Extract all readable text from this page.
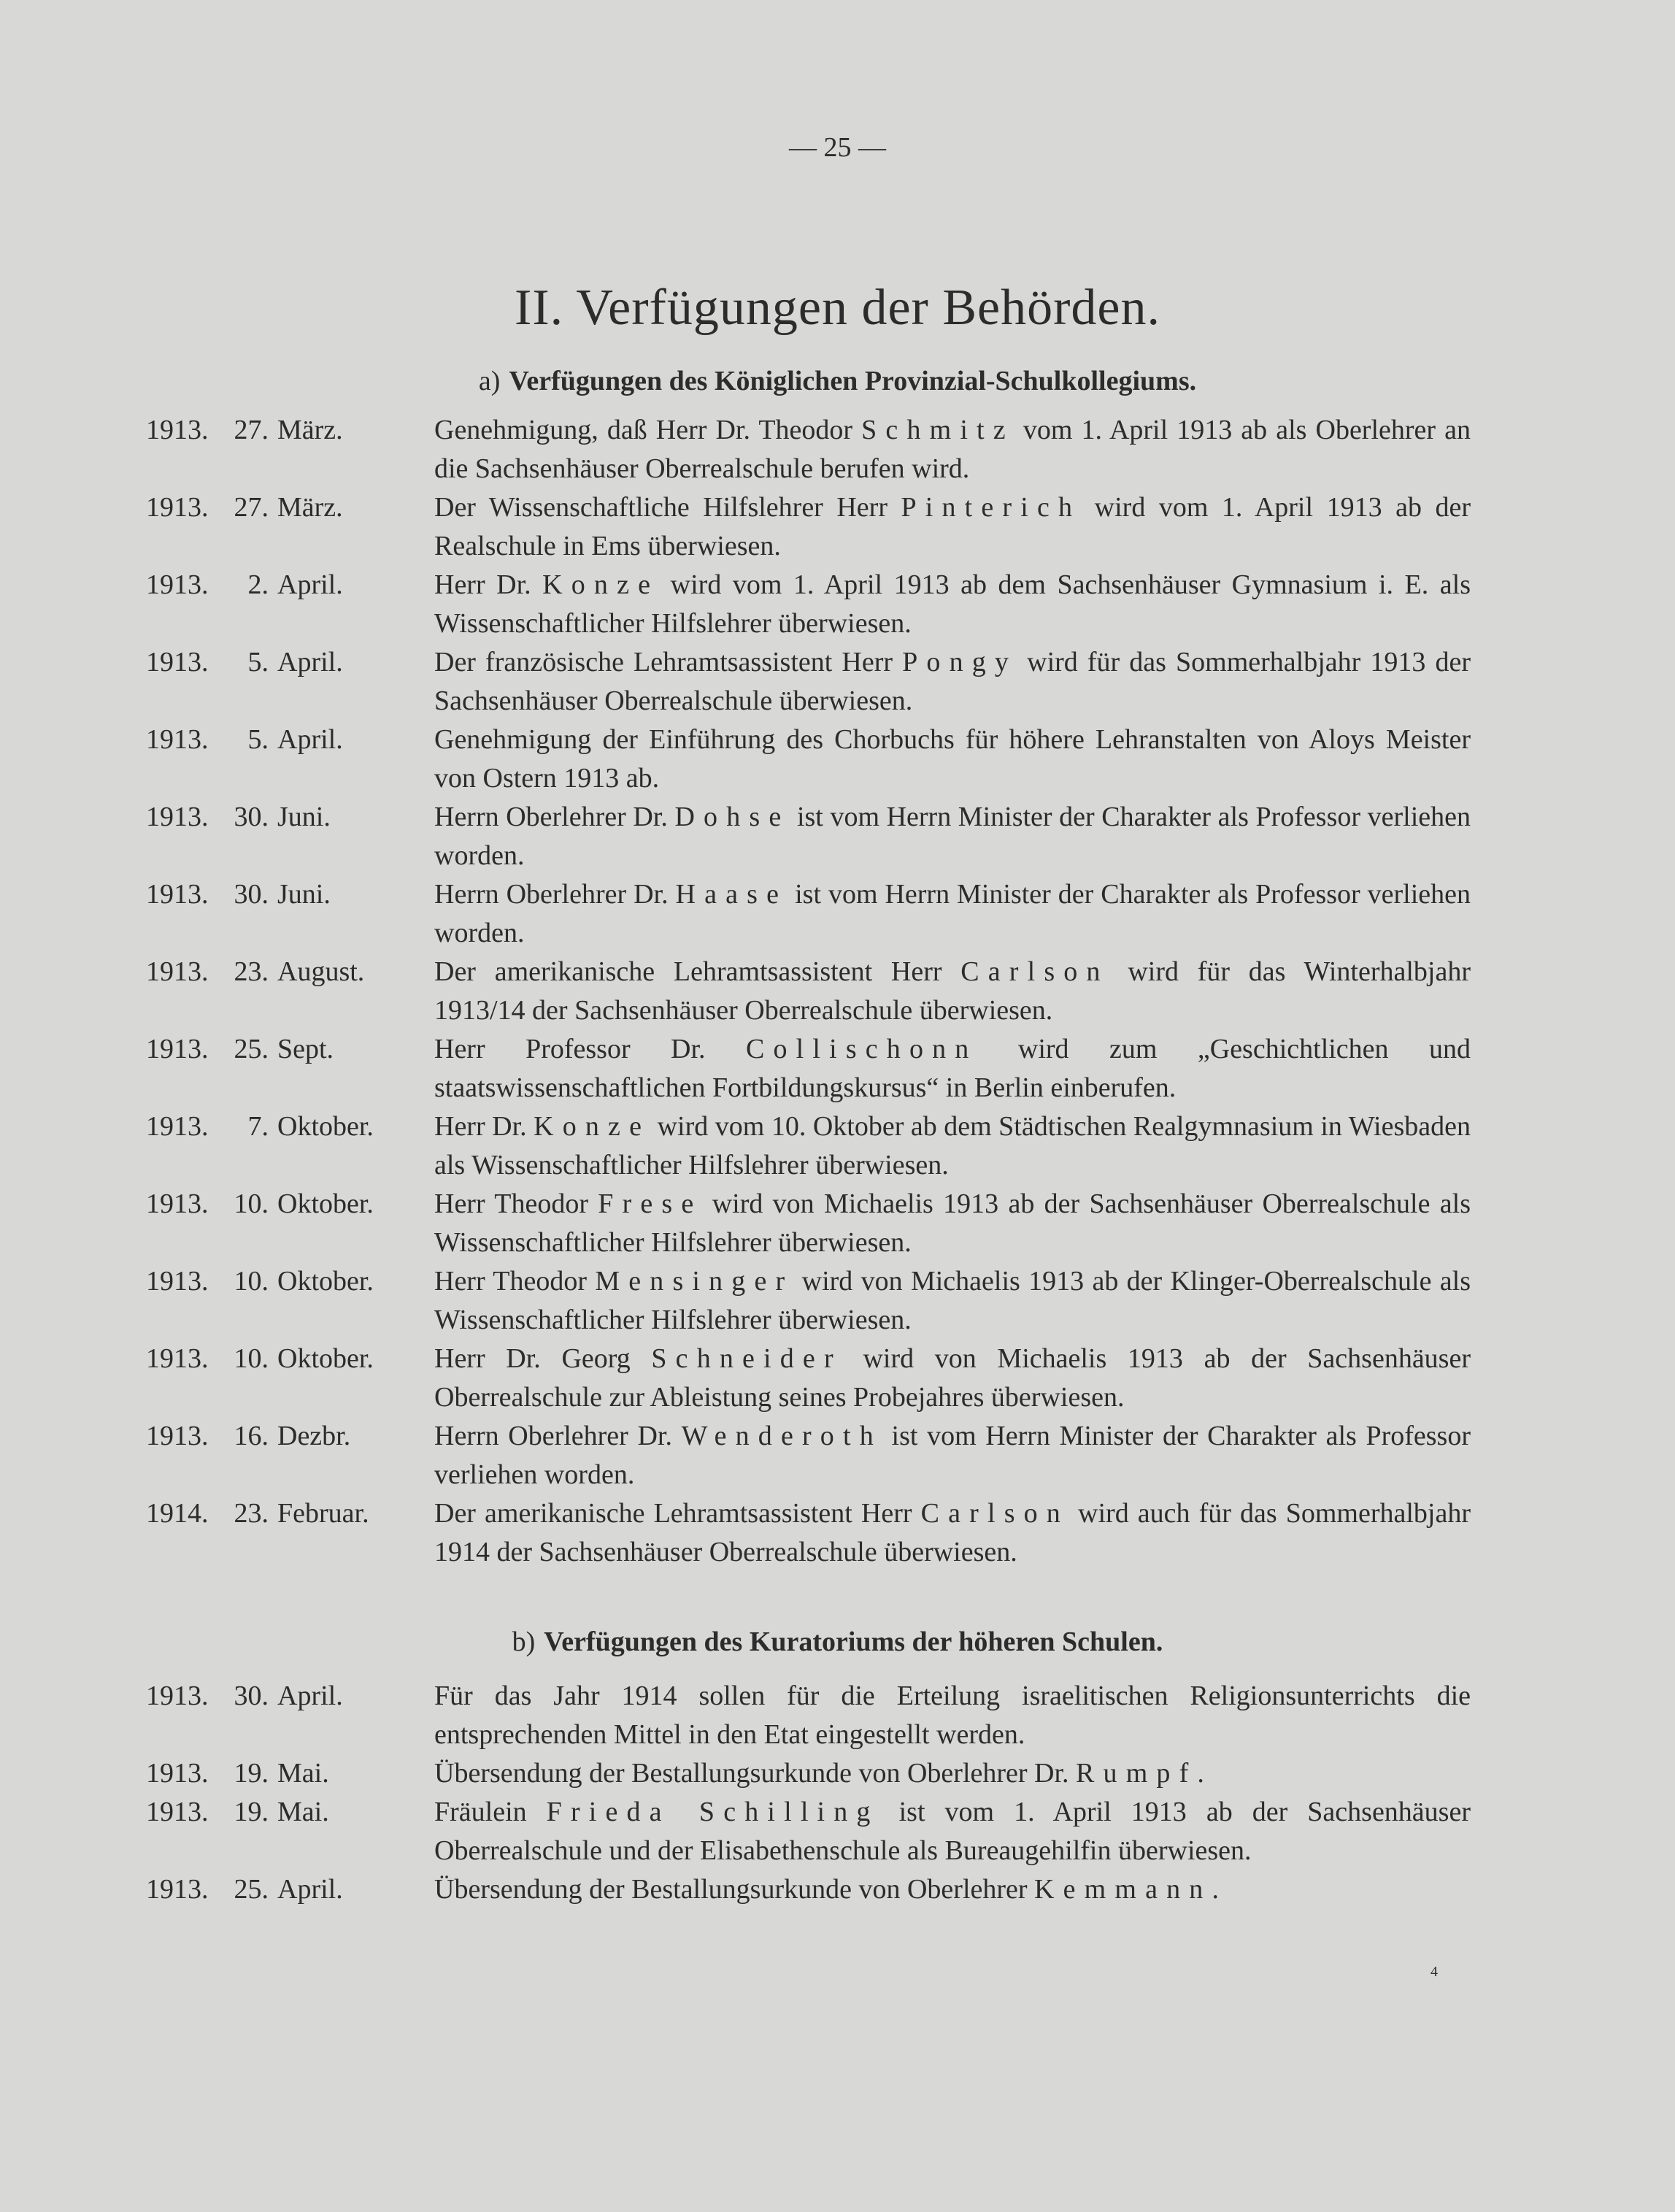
— 25 —
II. Verfügungen der Behörden.
a) Verfügungen des Königlichen Provinzial-Schulkollegiums.
1913. 27. März.	Genehmigung, daß Herr Dr. Theodor Schmitz vom 1. April 1913 ab als Oberlehrer an die Sachsenhäuser Oberrealschule berufen wird.
1913. 27. März.	Der Wissenschaftliche Hilfslehrer Herr Pinterich wird vom 1. April 1913 ab der Realschule in Ems überwiesen.
1913.	2. April.	Herr Dr. Konze wird vom 1. April 1913 ab dem Sachsenhäuser Gymnasium i. E. als Wissenschaftlicher Hilfslehrer überwiesen.
1913.	5. April.	Der französische Lehramtsassistent Herr Pongy wird für das Sommerhalbjahr 1913 der Sachsenhäuser Oberrealschule überwiesen.
1913.	5. April.	Genehmigung der Einführung des Chorbuchs für höhere Lehranstalten von Aloys Meister von Ostern 1913 ab.
1913. 30. Juni.	Herrn Oberlehrer Dr. Dohse ist vom Herrn Minister der Charakter als Professor verliehen worden.
1913. 30. Juni.	Herrn Oberlehrer Dr. Haase ist vom Herrn Minister der Charakter als Professor verliehen worden.
1913. 23. August.	Der amerikanische Lehramtsassistent Herr Carlson wird für das Winterhalbjahr 1913/14 der Sachsenhäuser Oberrealschule überwiesen.
1913. 25. Sept.	Herr Professor Dr. Collischonn wird zum „Geschichtlichen und staatswissenschaftlichen Fortbildungskursus“ in Berlin einberufen.
1913.	7. Oktober.	Herr Dr. Konze wird vom 10. Oktober ab dem Städtischen Realgymnasium in Wiesbaden als Wissenschaftlicher Hilfslehrer überwiesen.
1913. 10. Oktober.	Herr Theodor Frese wird von Michaelis 1913 ab der Sachsenhäuser Oberrealschule als Wissenschaftlicher Hilfslehrer überwiesen.
1913. 10. Oktober.	Herr Theodor Mensinger wird von Michaelis 1913 ab der Klinger-Oberrealschule als Wissenschaftlicher Hilfslehrer überwiesen.
1913. 10. Oktober.	Herr Dr. Georg Schneider wird von Michaelis 1913 ab der Sachsenhäuser Oberrealschule zur Ableistung seines Probejahres überwiesen.
1913. 16. Dezbr.	Herrn Oberlehrer Dr. Wenderoth ist vom Herrn Minister der Charakter als Professor verliehen worden.
1914. 23. Februar.	Der amerikanische Lehramtsassistent Herr Carlson wird auch für das Sommerhalbjahr 1914 der Sachsenhäuser Oberrealschule überwiesen.
b) Verfügungen des Kuratoriums der höheren Schulen.
1913. 30. April.	Für das Jahr 1914 sollen für die Erteilung israelitischen Religionsunterrichts die entsprechenden Mittel in den Etat eingestellt werden.
1913. 19. Mai.	Übersendung der Bestallungsurkunde von Oberlehrer Dr. Rumpf.
1913. 19. Mai.	Fräulein Frieda Schilling ist vom 1. April 1913 ab der Sachsenhäuser Oberrealschule und der Elisabethenschule als Bureaugehilfin überwiesen.
1913. 25. April.	Übersendung der Bestallungsurkunde von Oberlehrer Kemmann.
4
